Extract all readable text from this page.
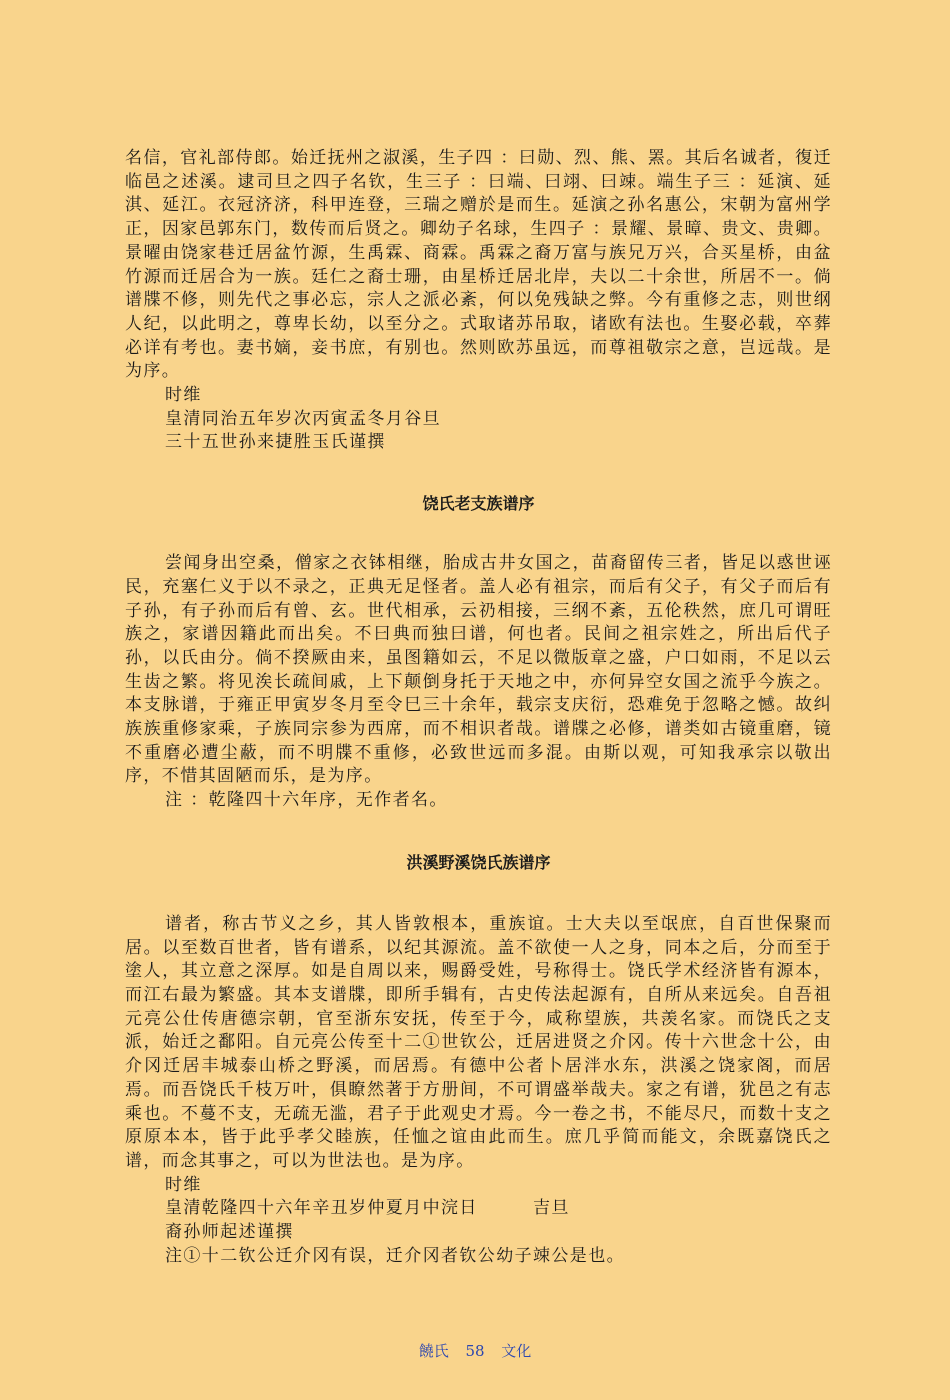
名信，官礼部侍郎。始迁抚州之淑溪，生子四 ：曰勋、烈、熊、罴。其后名诚者，復迁临邑之述溪。逮司旦之四子名钦，生三子 ：曰端、曰翊、曰竦。端生子三 ：延演、延淇、延江。衣冠济济，科甲连登，三瑞之赠於是而生。延演之孙名惠公，宋朝为富州学正，因家邑郭东门，数传而后贤之。卿幼子名球，生四子 ：景耀、景暲、贵文、贵卿。景曜由饶家巷迁居盆竹源，生禹霖、商霖。禹霖之裔万富与族兄万兴，合买星桥，由盆竹源而迁居合为一族。廷仁之裔士珊，由星桥迁居北岸，夫以二十余世，所居不一。倘谱牒不修，则先代之事必忘，宗人之派必紊，何以免残缺之弊。今有重修之志，则世纲人纪，以此明之，尊卑长幼，以至分之。式取诸苏吊取，诸欧有法也。生娶必载，卒葬必详有考也。妻书嫡，妾书庶，有别也。然则欧苏虽远，而尊祖敬宗之意，岂远哉。是为序。

时维

皇清同治五年岁次丙寅孟冬月谷旦

三十五世孙来捷胜玉氏谨撰

饶氏老支族谱序

尝闻身出空桑，僧家之衣钵相继，胎成古井女国之，苗裔留传三者，皆足以惑世诬民，充塞仁义于以不录之，正典无足怪者。盖人必有祖宗，而后有父子，有父子而后有子孙，有子孙而后有曾、玄。世代相承，云礽相接，三纲不紊，五伦秩然，庶几可谓旺族之，家谱因籍此而出矣。不曰典而独曰谱，何也者。民间之祖宗姓之，所出后代子孙，以氏由分。倘不揆厥由来，虽图籍如云，不足以微版章之盛，户口如雨，不足以云生齿之繁。将见涘长疏间戚，上下颠倒身托于天地之中，亦何异空女国之流乎今族之。本支脉谱，于雍正甲寅岁冬月至令巳三十余年，载宗支庆衍，恐难免于忽略之憾。故纠族族重修家乘，子族同宗参为西席，而不相识者哉。谱牒之必修，谱类如古镜重磨，镜不重磨必遭尘蔽，而不明牒不重修，必致世远而多混。由斯以观，可知我承宗以敬出序，不惜其固陋而乐，是为序。

注 ：乾隆四十六年序，无作者名。

洪溪野溪饶氏族谱序

谱者，称古节义之乡，其人皆敦根本，重族谊。士大夫以至氓庶，自百世保聚而居。以至数百世者，皆有谱系，以纪其源流。盖不欲使一人之身，同本之后，分而至于塗人，其立意之深厚。如是自周以来，赐爵受姓，号称得士。饶氏学术经济皆有源本，而江右最为繁盛。其本支谱牒，即所手辑有，古史传法起源有，自所从来远矣。自吾祖元亮公仕传唐德宗朝，官至浙东安抚，传至于今，咸称望族，共羡名家。而饶氏之支派，始迁之鄱阳。自元亮公传至十二①世钦公，迁居进贤之介冈。传十六世念十公，由介冈迁居丰城泰山桥之野溪，而居焉。有德中公者卜居泮水东，洪溪之饶家阁，而居焉。而吾饶氏千枝万叶，俱瞭然著于方册间，不可谓盛举哉夫。家之有谱，犹邑之有志乘也。不蔓不支，无疏无滥，君子于此观史才焉。今一卷之书，不能尽尺，而数十支之原原本本，皆于此乎孝父睦族，任恤之谊由此而生。庶几乎简而能文，余既嘉饶氏之谱，而念其事之，可以为世法也。是为序。

时维

皇清乾隆四十六年辛丑岁仲夏月中浣日　　　吉旦

裔孙师起述谨撰

注①十二钦公迁介冈有误，迁介冈者钦公幼子竦公是也。

饒氏 58 文化
